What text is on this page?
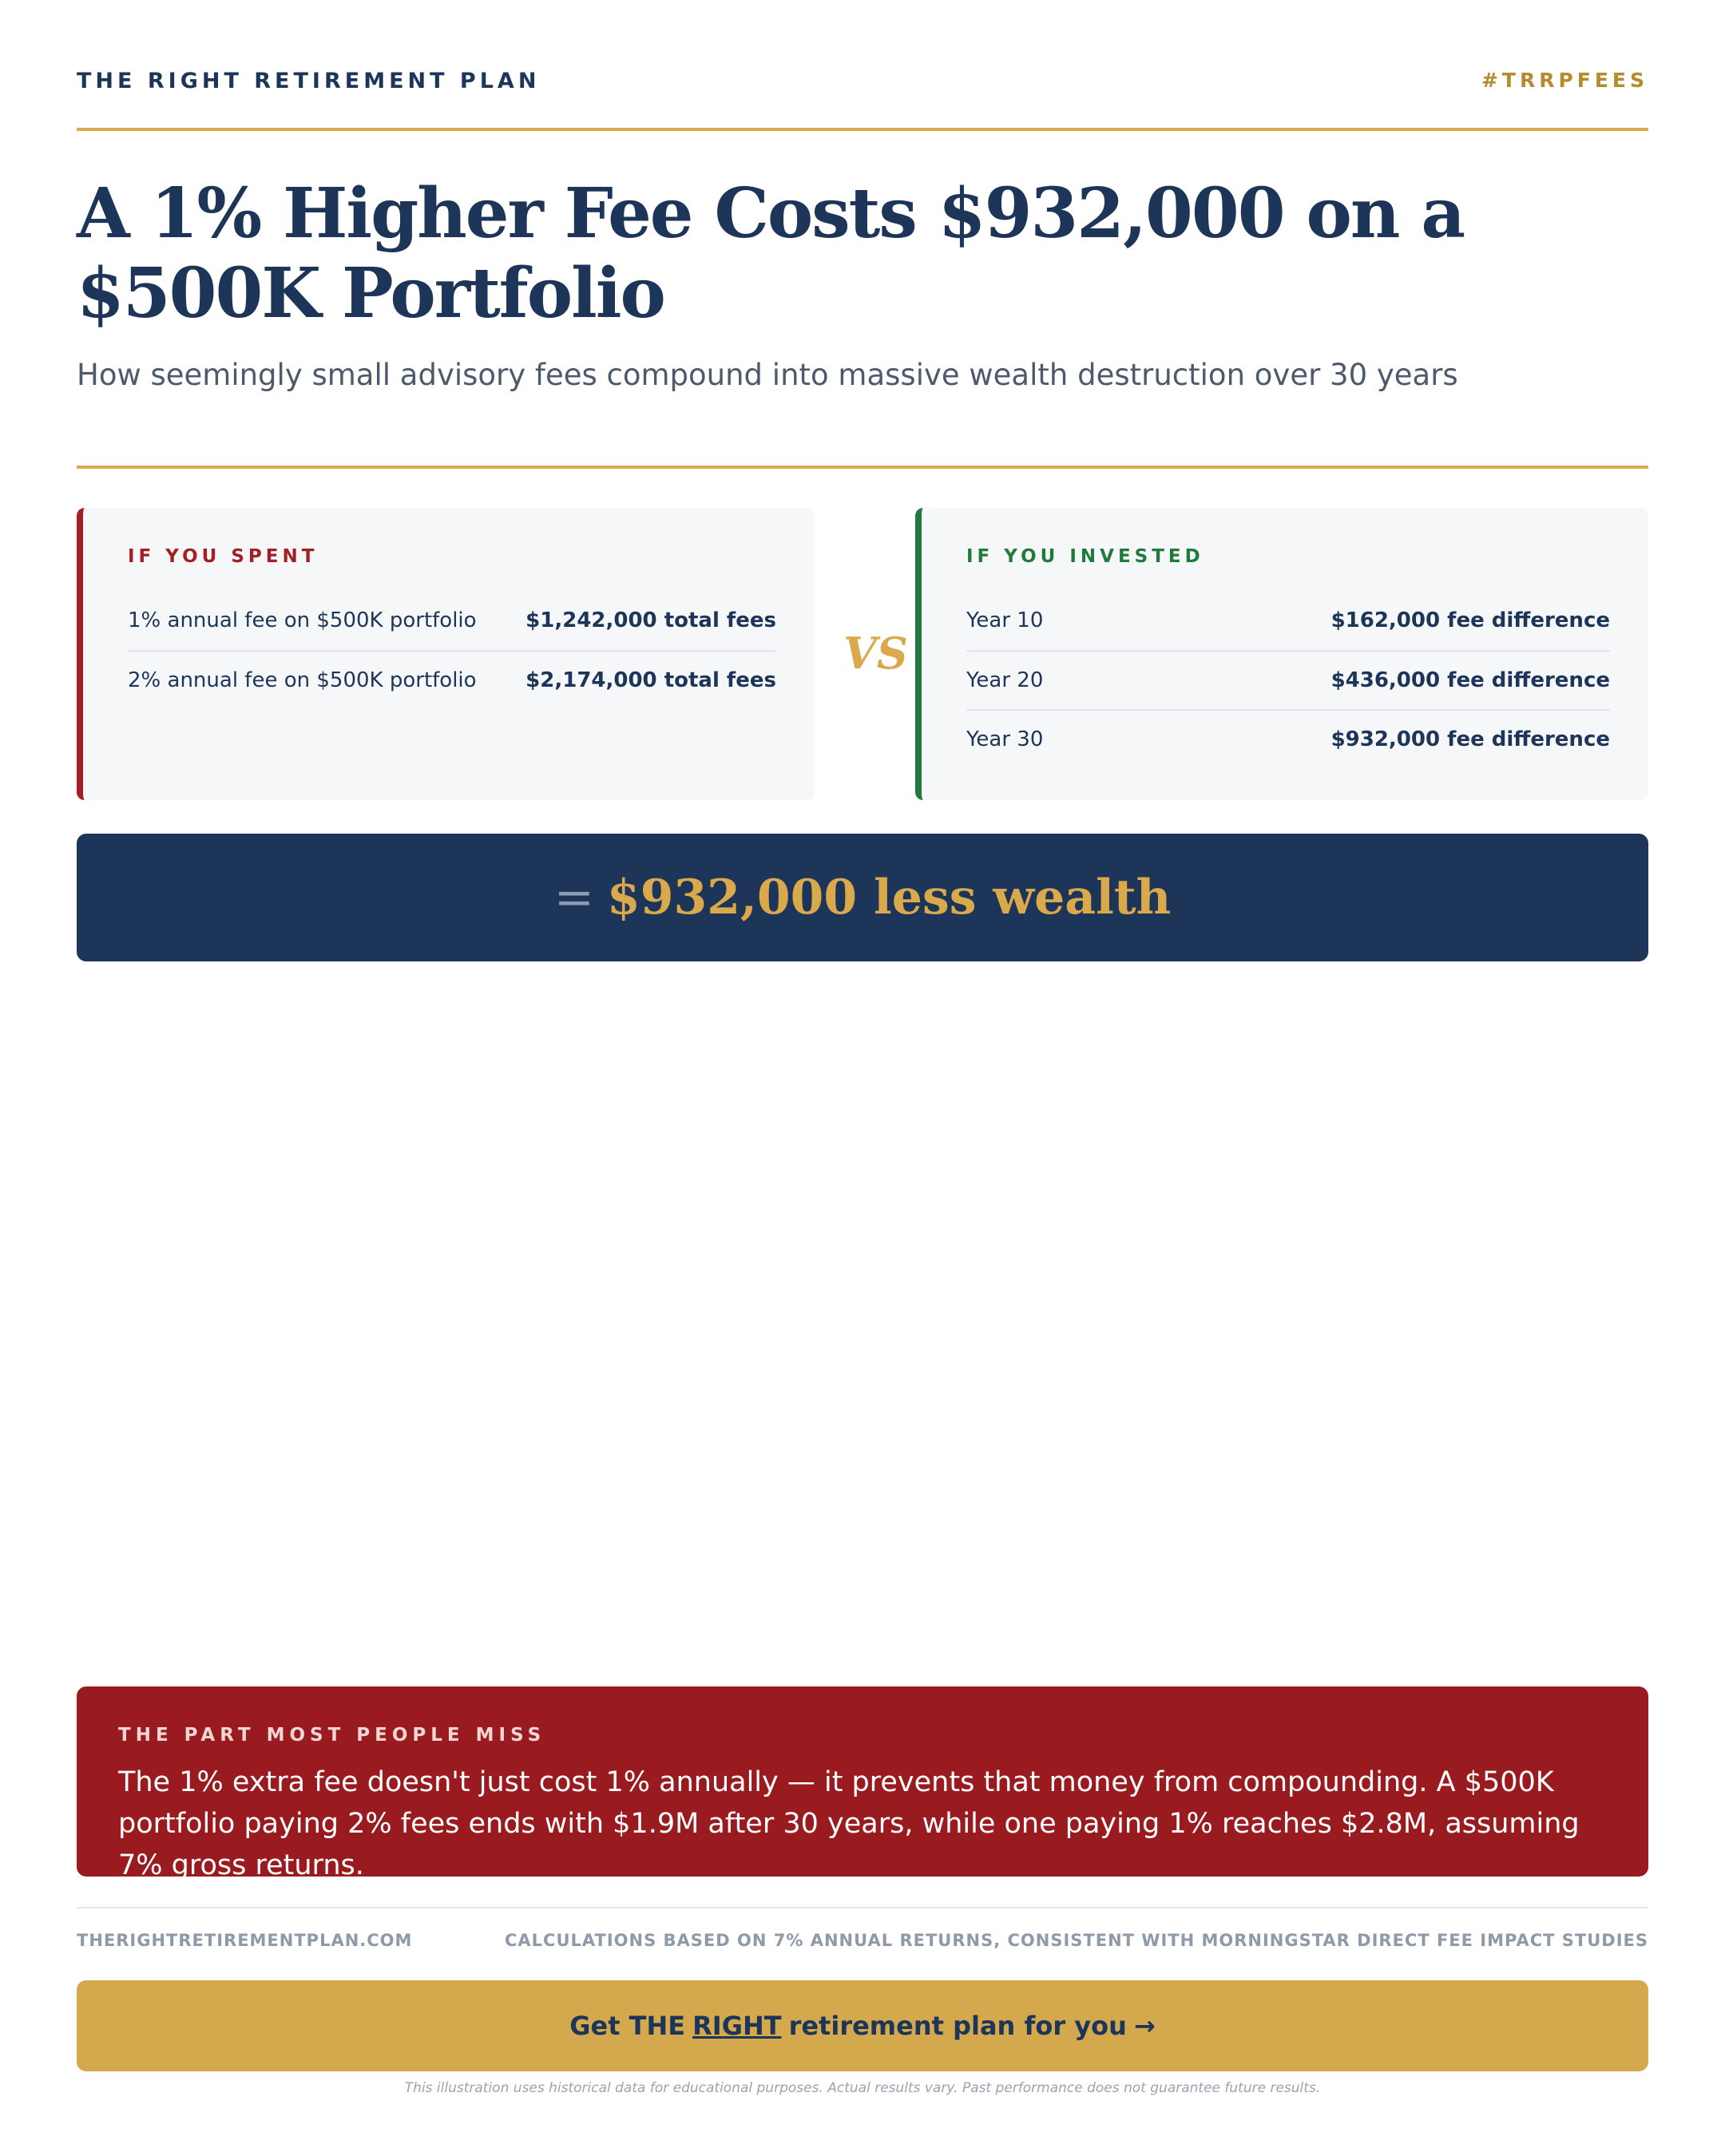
THE RIGHT RETIREMENT PLAN	#TRRPFEES
A 1% Higher Fee Costs $932,000 on a $500K Portfolio

How seemingly small advisory fees compound into massive wealth destruction over 30 years

IF YOU SPENT
1% annual fee on $500K portfolio $1,242,000 total fees
2% annual fee on $500K portfolio $2,174,000 total fees
VS
IF YOU INVESTED
Year 10	$162,000 fee difference
Year 20	$436,000 fee difference
Year 30	$932,000 fee difference
= $932,000 less wealth
THE PART MOST PEOPLE MISS

The 1% extra fee doesn't just cost 1% annually — it prevents that money from compounding. A $500K portfolio paying 2% fees ends with $1.9M after 30 years, while one paying 1% reaches $2.8M, assuming 7% gross returns.

THERIGHTRETIREMENTPLAN.COM	CALCULATIONS BASED ON 7% ANNUAL RETURNS, CONSISTENT WITH MORNINGSTAR DIRECT FEE IMPACT STUDIES
Get THE RIGHT retirement plan for you →
This illustration uses historical data for educational purposes. Actual results vary. Past performance does not guarantee future results.
